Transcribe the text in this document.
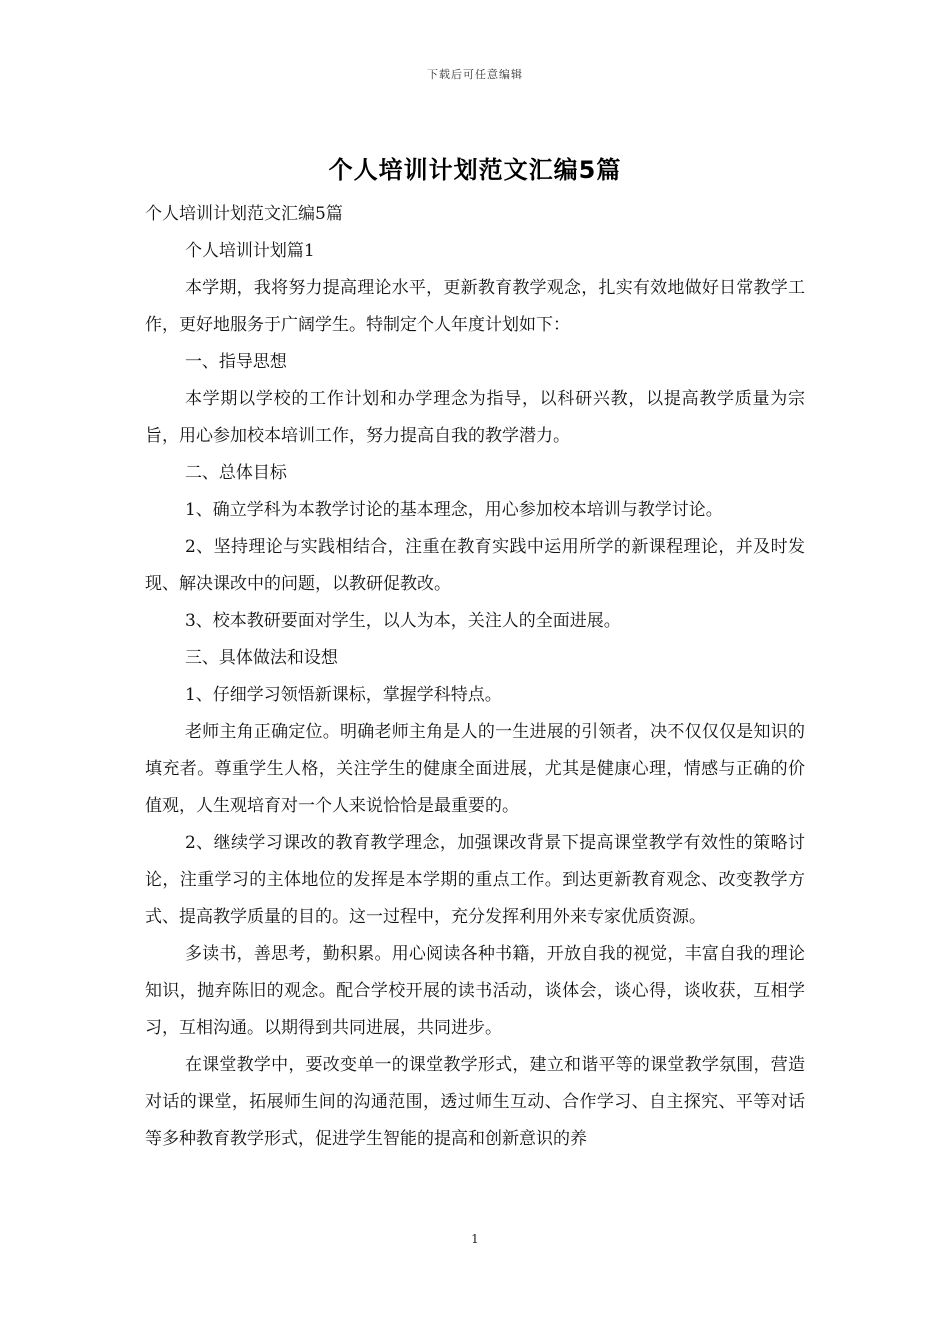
下载后可任意编辑
个人培训计划范文汇编5篇

个人培训计划范文汇编5篇

个人培训计划篇1

本学期，我将努力提高理论水平，更新教育教学观念，扎实有效地做好日常教学工作，更好地服务于广阔学生。特制定个人年度计划如下：

一、指导思想

本学期以学校的工作计划和办学理念为指导，以科研兴教，以提高教学质量为宗旨，用心参加校本培训工作，努力提高自我的教学潜力。

二、总体目标

1、确立学科为本教学讨论的基本理念，用心参加校本培训与教学讨论。

2、坚持理论与实践相结合，注重在教育实践中运用所学的新课程理论，并及时发现、解决课改中的问题，以教研促教改。

3、校本教研要面对学生，以人为本，关注人的全面进展。

三、具体做法和设想

1、仔细学习领悟新课标，掌握学科特点。

老师主角正确定位。明确老师主角是人的一生进展的引领者，决不仅仅仅是知识的填充者。尊重学生人格，关注学生的健康全面进展，尤其是健康心理，情感与正确的价值观，人生观培育对一个人来说恰恰是最重要的。

2、继续学习课改的教育教学理念，加强课改背景下提高课堂教学有效性的策略讨论，注重学习的主体地位的发挥是本学期的重点工作。到达更新教育观念、改变教学方式、提高教学质量的目的。这一过程中，充分发挥利用外来专家优质资源。

多读书，善思考，勤积累。用心阅读各种书籍，开放自我的视觉，丰富自我的理论知识，抛弃陈旧的观念。配合学校开展的读书活动，谈体会，谈心得，谈收获，互相学习，互相沟通。以期得到共同进展，共同进步。

在课堂教学中，要改变单一的课堂教学形式，建立和谐平等的课堂教学氛围，营造对话的课堂，拓展师生间的沟通范围，透过师生互动、合作学习、自主探究、平等对话等多种教育教学形式，促进学生智能的提高和创新意识的养

1
